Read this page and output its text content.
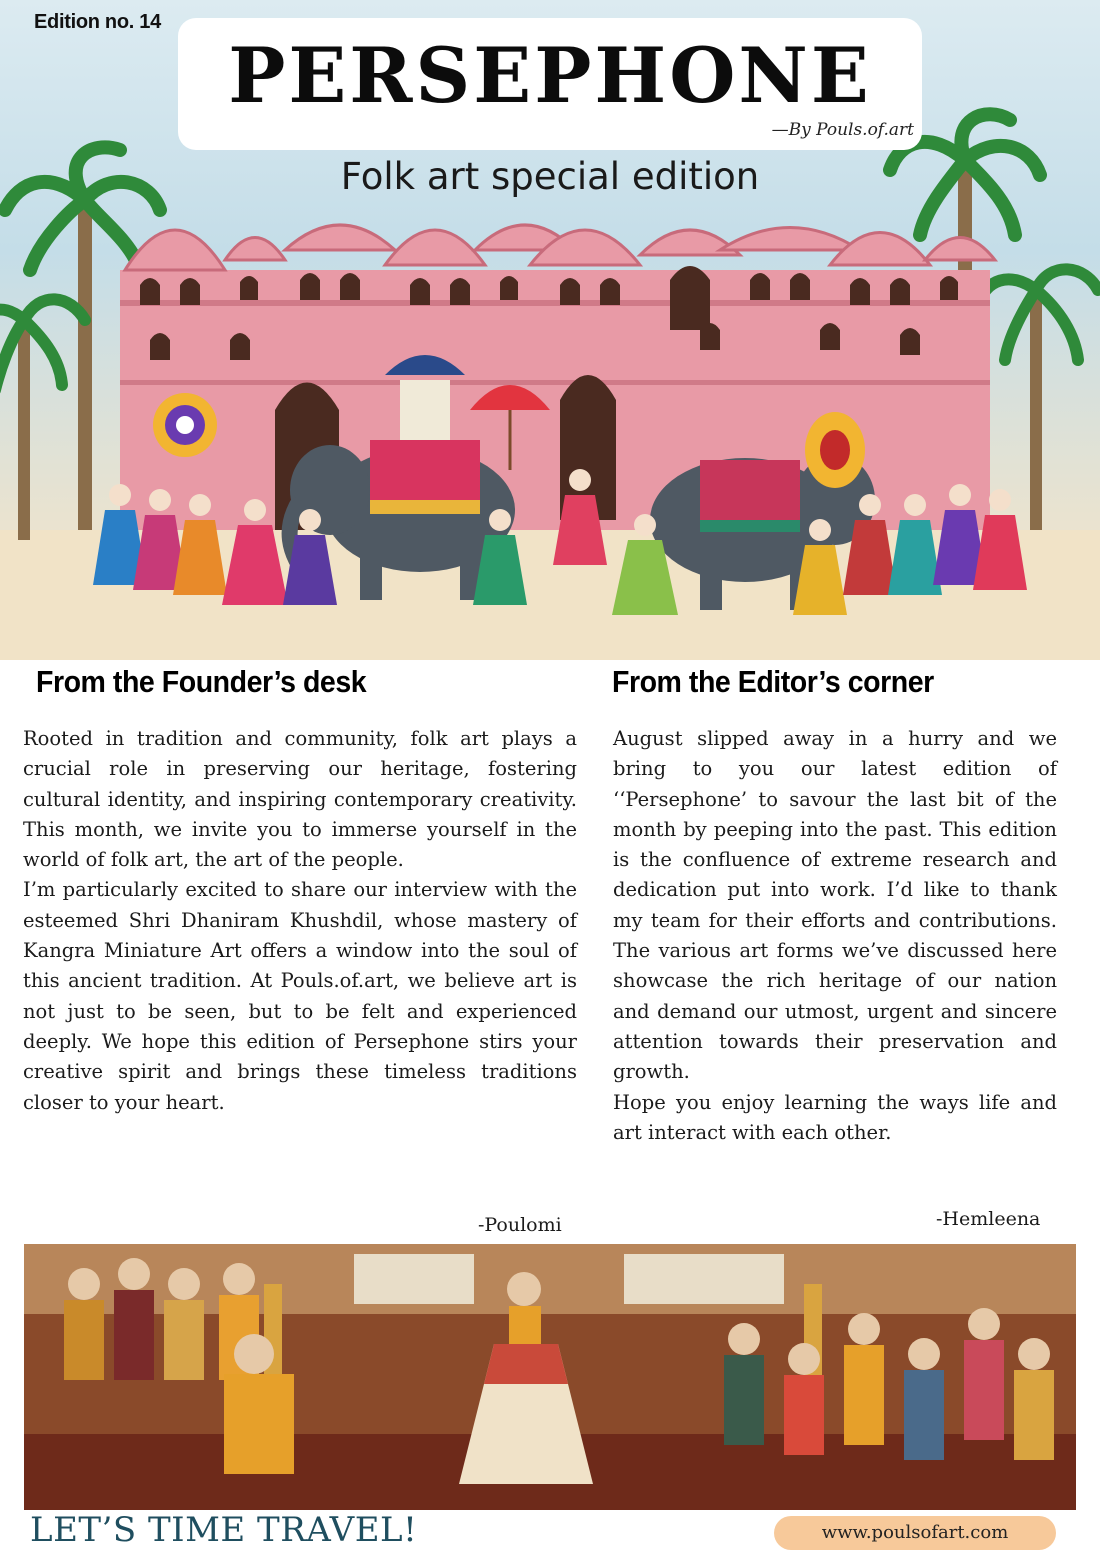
Edition no. 14
PERSEPHONE
—By Pouls.of.art
Folk art special edition
From the Founder’s desk

Rooted in tradition and community, folk art plays a crucial role in preserving our heritage, fostering cultural identity, and inspiring contemporary creativity. This month, we invite you to immerse yourself in the world of folk art, the art of the people.

I’m particularly excited to share our interview with the esteemed Shri Dhaniram Khushdil, whose mastery of Kangra Miniature Art offers a window into the soul of this ancient tradition. At Pouls.of.art, we believe art is not just to be seen, but to be felt and experienced deeply. We hope this edition of Persephone stirs your creative spirit and brings these timeless traditions closer to your heart.

-Poulomi
From the Editor’s corner

August slipped away in a hurry and we bring to you our latest edition of ‘‘Persephone’ to savour the last bit of the month by peeping into the past. This edition is the confluence of extreme research and dedication put into work. I’d like to thank my team for their efforts and contributions. The various art forms we’ve discussed here showcase the rich heritage of our nation and demand our utmost, urgent and sincere attention towards their preservation and growth.

Hope you enjoy learning the ways life and art interact with each other.

-Hemleena
LET’S TIME TRAVEL!	www.poulsofart.com
